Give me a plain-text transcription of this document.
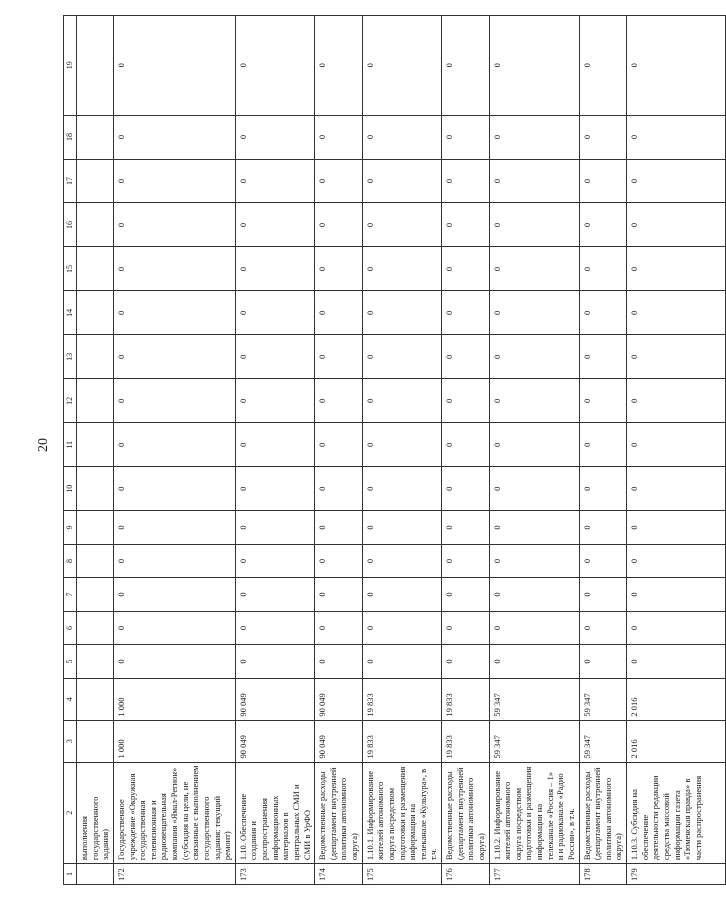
20
1	2	3	4	5	6	7	8	9	10	11	12	13	14	15	16	17	18	19
	выполнения государственного задания)																	
172	Государственное учреждение «Окружная государственная телевизионная и радиовещательная компания «Ямал-Регион» (субсидия на цели, не связанные с выполнением государственного задания: текущий ремонт)	1 000	1 000	0	0	0	0	0	0	0	0	0	0	0	0	0	0	0
173	1.10. Обеспечение создания и распространения информационных материалов в центральных СМИ и СМИ в УрФО	90 049	90 049	0	0	0	0	0	0	0	0	0	0	0	0	0	0	0
174	Ведомственные расходы (департамент внутренней политики автономного округа)	90 049	90 049	0	0	0	0	0	0	0	0	0	0	0	0	0	0	0
175	1.10.1. Информирование жителей автономного округа посредством подготовки и размещения информации на телеканале «Культура», в т.ч.	19 833	19 833	0	0	0	0	0	0	0	0	0	0	0	0	0	0	0
176	Ведомственные расходы (департамент внутренней политики автономного округа)	19 833	19 833	0	0	0	0	0	0	0	0	0	0	0	0	0	0	0
177	1.10.2. Информирование жителей автономного округа посредством подготовки и размещения информации на телеканале «Россия – 1» и и радиоканале «Радио России», в т.ч.	59 347	59 347	0	0	0	0	0	0	0	0	0	0	0	0	0	0	0
178	Ведомственные расходы (департамент внутренней политики автономного округа)	59 347	59 347	0	0	0	0	0	0	0	0	0	0	0	0	0	0	0
179	1.10.3. Субсидия на обеспечение деятельности редакции средства массовой информации газета «Тюменская правда» в части распространения	2 016	2 016	0	0	0	0	0	0	0	0	0	0	0	0	0	0	0
